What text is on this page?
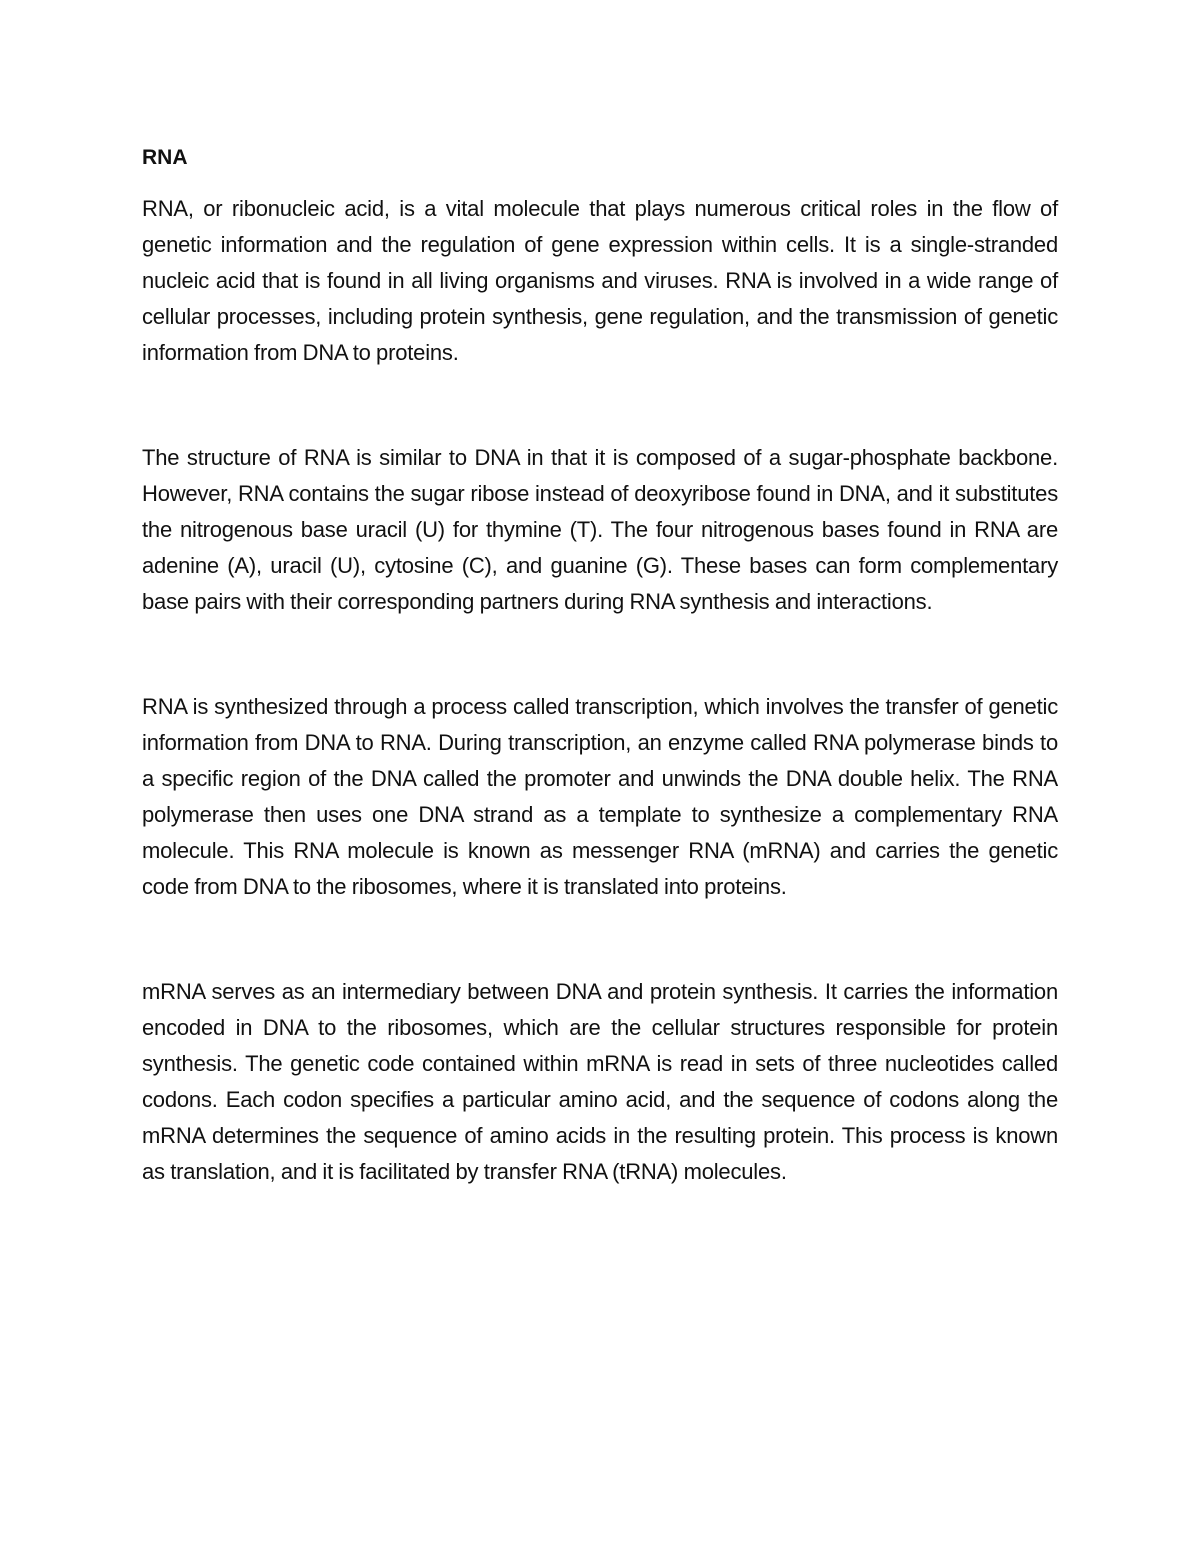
RNA

RNA, or ribonucleic acid, is a vital molecule that plays numerous critical roles in the flow of genetic information and the regulation of gene expression within cells. It is a single-stranded nucleic acid that is found in all living organisms and viruses. RNA is involved in a wide range of cellular processes, including protein synthesis, gene regulation, and the transmission of genetic information from DNA to proteins.

The structure of RNA is similar to DNA in that it is composed of a sugar-phosphate backbone. However, RNA contains the sugar ribose instead of deoxyribose found in DNA, and it substitutes the nitrogenous base uracil (U) for thymine (T). The four nitrogenous bases found in RNA are adenine (A), uracil (U), cytosine (C), and guanine (G). These bases can form complementary base pairs with their corresponding partners during RNA synthesis and interactions.

RNA is synthesized through a process called transcription, which involves the transfer of genetic information from DNA to RNA. During transcription, an enzyme called RNA polymerase binds to a specific region of the DNA called the promoter and unwinds the DNA double helix. The RNA polymerase then uses one DNA strand as a template to synthesize a complementary RNA molecule. This RNA molecule is known as messenger RNA (mRNA) and carries the genetic code from DNA to the ribosomes, where it is translated into proteins.

mRNA serves as an intermediary between DNA and protein synthesis. It carries the information encoded in DNA to the ribosomes, which are the cellular structures responsible for protein synthesis. The genetic code contained within mRNA is read in sets of three nucleotides called codons. Each codon specifies a particular amino acid, and the sequence of codons along the mRNA determines the sequence of amino acids in the resulting protein. This process is known as translation, and it is facilitated by transfer RNA (tRNA) molecules.
